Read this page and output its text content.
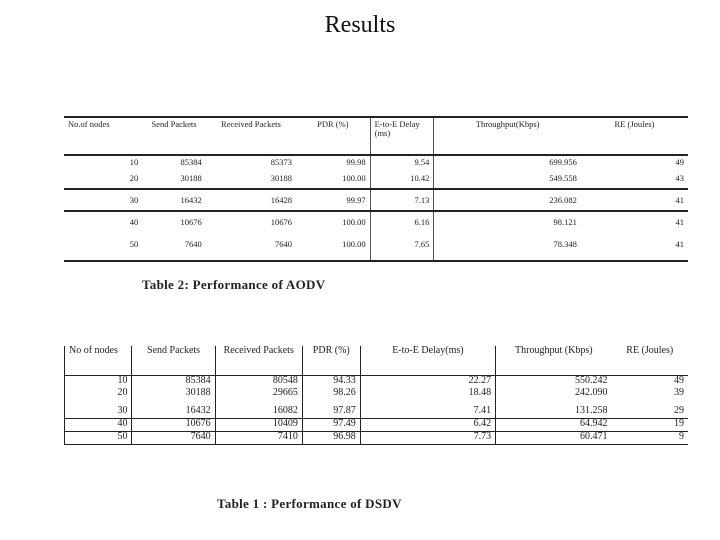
Results
No.of nodes	Send Packets	Received Packets	PDR (%)	E-to-E Delay (ms)	Throughput(Kbps)	RE (Joules)
10	85384	85373	99.98	9.54	699.956	49
20	30188	30188	100.00	10.42	549.558	43
30	16432	16428	99.97	7.13	236.082	41
40	10676	10676	100.00	6.16	98.121	41
50	7640	7640	100.00	7.65	78.348	41
Table 2: Performance of AODV
No of nodes	Send Packets	Received Packets	PDR (%)	E-to-E Delay(ms)	Throughput (Kbps)	RE (Joules)
10	85384	80548	94.33	22.27	550.242	49
20	30188	29665	98.26	18.48	242.090	39
30	16432	16082	97.87	7.41	131.258	29
40	10676	10409	97.49	6.42	64.942	19
50	7640	7410	96.98	7.73	60.471	9
Table 1 : Performance of DSDV
